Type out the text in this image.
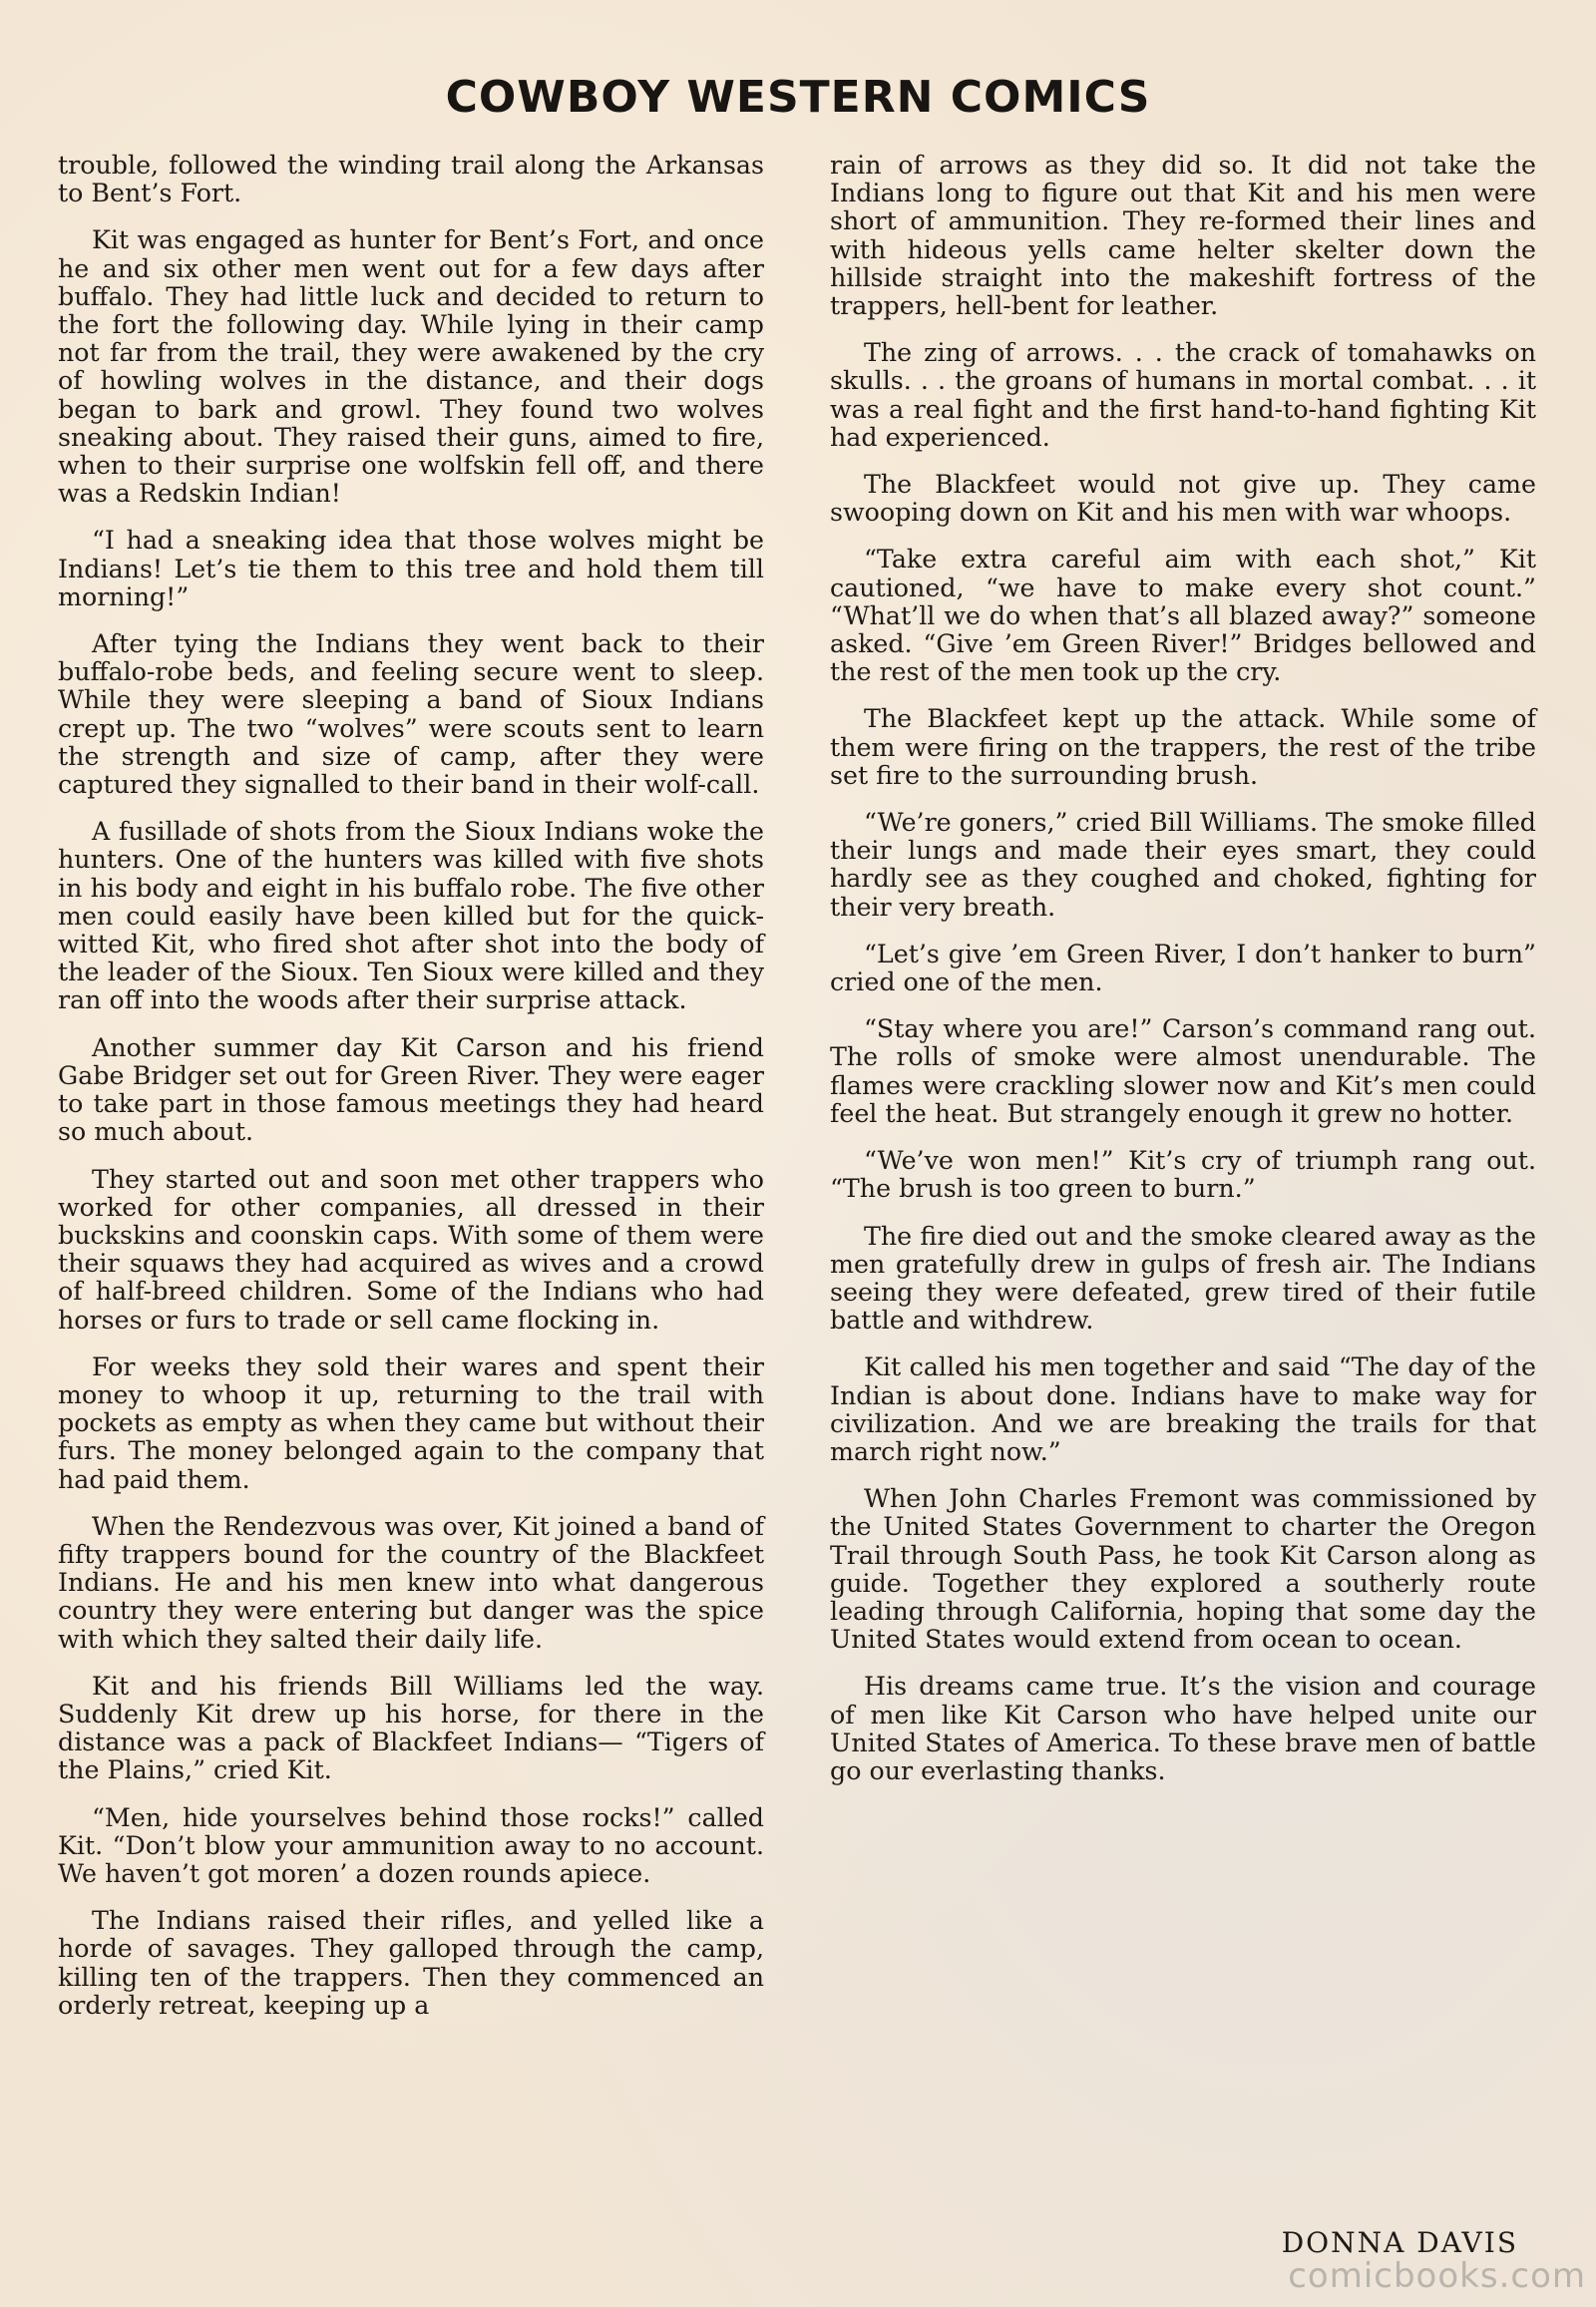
COWBOY WESTERN COMICS

trouble, followed the winding trail along the Arkansas to Bent’s Fort.

Kit was engaged as hunter for Bent’s Fort, and once he and six other men went out for a few days after buffalo. They had little luck and decided to return to the fort the following day. While lying in their camp not far from the trail, they were awakened by the cry of howling wolves in the distance, and their dogs began to bark and growl. They found two wolves sneaking about. They raised their guns, aimed to fire, when to their surprise one wolfskin fell off, and there was a Redskin Indian!

“I had a sneaking idea that those wolves might be Indians! Let’s tie them to this tree and hold them till morning!”

After tying the Indians they went back to their buffalo-robe beds, and feeling secure went to sleep. While they were sleeping a band of Sioux Indians crept up. The two “wolves” were scouts sent to learn the strength and size of camp, after they were captured they signalled to their band in their wolf-call.

A fusillade of shots from the Sioux Indians woke the hunters. One of the hunters was killed with five shots in his body and eight in his buffalo robe. The five other men could easily have been killed but for the quick-witted Kit, who fired shot after shot into the body of the leader of the Sioux. Ten Sioux were killed and they ran off into the woods after their surprise attack.

Another summer day Kit Carson and his friend Gabe Bridger set out for Green River. They were eager to take part in those famous meetings they had heard so much about.

They started out and soon met other trappers who worked for other companies, all dressed in their buckskins and coonskin caps. With some of them were their squaws they had acquired as wives and a crowd of half-breed children. Some of the Indians who had horses or furs to trade or sell came flocking in.

For weeks they sold their wares and spent their money to whoop it up, returning to the trail with pockets as empty as when they came but without their furs. The money belonged again to the company that had paid them.

When the Rendezvous was over, Kit joined a band of fifty trappers bound for the country of the Blackfeet Indians. He and his men knew into what dangerous country they were entering but danger was the spice with which they salted their daily life.

Kit and his friends Bill Williams led the way. Suddenly Kit drew up his horse, for there in the distance was a pack of Blackfeet Indians— “Tigers of the Plains,” cried Kit.

“Men, hide yourselves behind those rocks!” called Kit. “Don’t blow your ammunition away to no account. We haven’t got moren’ a dozen rounds apiece.

The Indians raised their rifles, and yelled like a horde of savages. They galloped through the camp, killing ten of the trappers. Then they commenced an orderly retreat, keeping up a

rain of arrows as they did so. It did not take the Indians long to figure out that Kit and his men were short of ammunition. They re-formed their lines and with hideous yells came helter skelter down the hillside straight into the makeshift fortress of the trappers, hell-bent for leather.

The zing of arrows. . . the crack of tomahawks on skulls. . . the groans of humans in mortal combat. . . it was a real fight and the first hand-to-hand fighting Kit had experienced.

The Blackfeet would not give up. They came swooping down on Kit and his men with war whoops.

“Take extra careful aim with each shot,” Kit cautioned, “we have to make every shot count.” “What’ll we do when that’s all blazed away?” someone asked. “Give ’em Green River!” Bridges bellowed and the rest of the men took up the cry.

The Blackfeet kept up the attack. While some of them were firing on the trappers, the rest of the tribe set fire to the surrounding brush.

“We’re goners,” cried Bill Williams. The smoke filled their lungs and made their eyes smart, they could hardly see as they coughed and choked, fighting for their very breath.

“Let’s give ’em Green River, I don’t hanker to burn” cried one of the men.

“Stay where you are!” Carson’s command rang out. The rolls of smoke were almost unendurable. The flames were crackling slower now and Kit’s men could feel the heat. But strangely enough it grew no hotter.

“We’ve won men!” Kit’s cry of triumph rang out. “The brush is too green to burn.”

The fire died out and the smoke cleared away as the men gratefully drew in gulps of fresh air. The Indians seeing they were defeated, grew tired of their futile battle and withdrew.

Kit called his men together and said “The day of the Indian is about done. Indians have to make way for civilization. And we are breaking the trails for that march right now.”

When John Charles Fremont was commissioned by the United States Government to charter the Oregon Trail through South Pass, he took Kit Carson along as guide. Together they explored a southerly route leading through California, hoping that some day the United States would extend from ocean to ocean.

His dreams came true. It’s the vision and courage of men like Kit Carson who have helped unite our United States of America. To these brave men of battle go our everlasting thanks.

DONNA DAVIS
comicbooks.com
